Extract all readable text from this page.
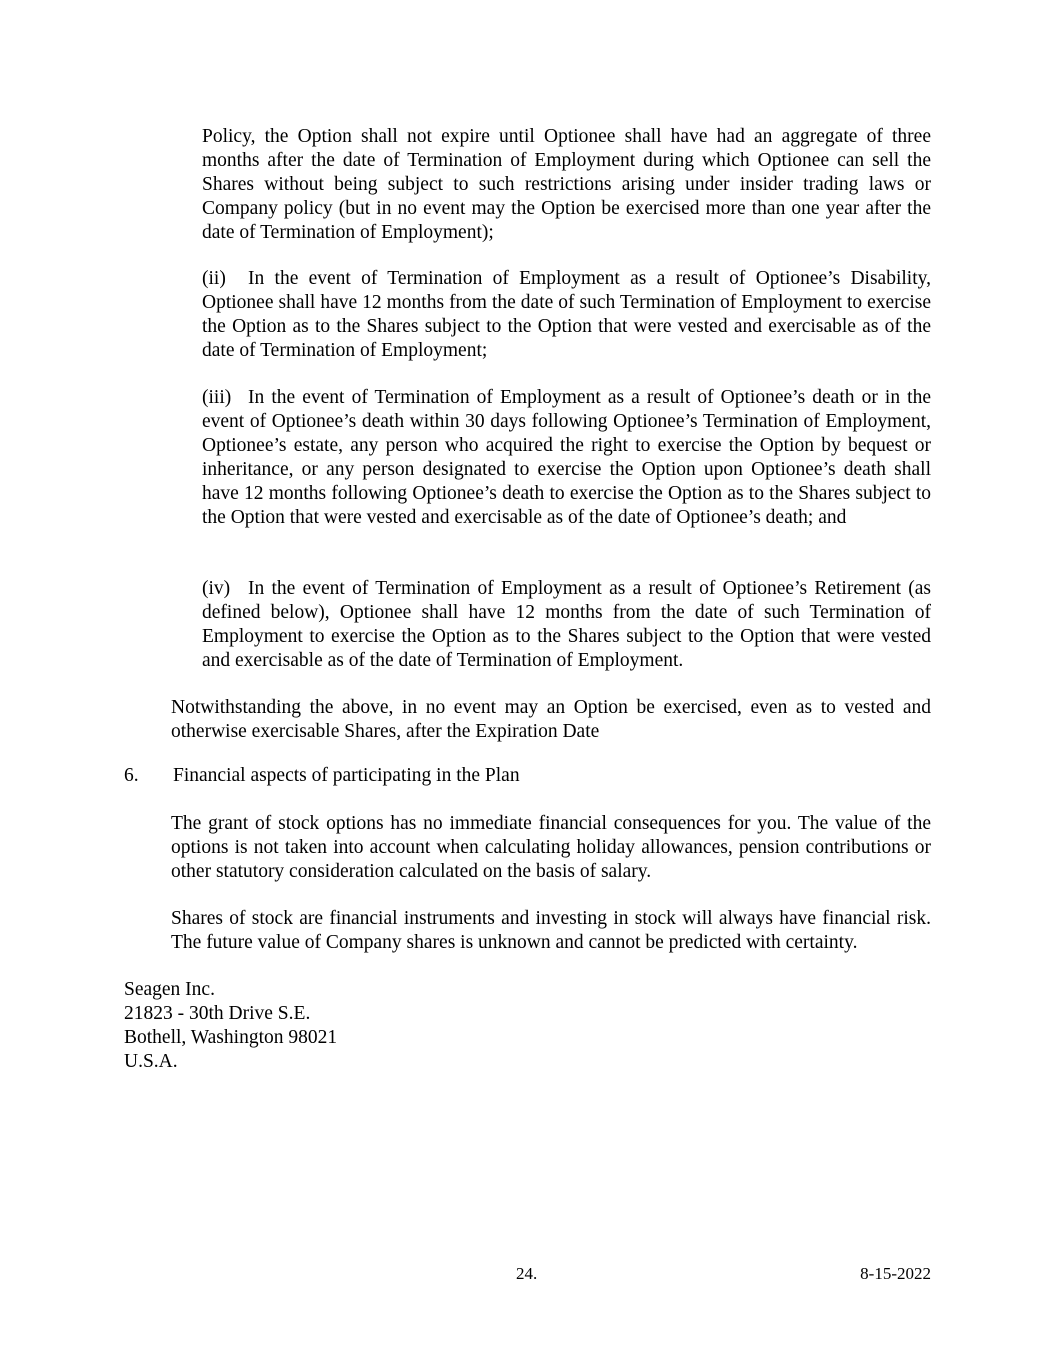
Policy, the Option shall not expire until Optionee shall have had an aggregate of three months after the date of Termination of Employment during which Optionee can sell the Shares without being subject to such restrictions arising under insider trading laws or Company policy (but in no event may the Option be exercised more than one year after the date of Termination of Employment);

(ii) In the event of Termination of Employment as a result of Optionee’s Disability, Optionee shall have 12 months from the date of such Termination of Employment to exercise the Option as to the Shares subject to the Option that were vested and exercisable as of the date of Termination of Employment;

(iii) In the event of Termination of Employment as a result of Optionee’s death or in the event of Optionee’s death within 30 days following Optionee’s Termination of Employment, Optionee’s estate, any person who acquired the right to exercise the Option by bequest or inheritance, or any person designated to exercise the Option upon Optionee’s death shall have 12 months following Optionee’s death to exercise the Option as to the Shares subject to the Option that were vested and exercisable as of the date of Optionee’s death; and

(iv) In the event of Termination of Employment as a result of Optionee’s Retirement (as defined below), Optionee shall have 12 months from the date of such Termination of Employment to exercise the Option as to the Shares subject to the Option that were vested and exercisable as of the date of Termination of Employment.

Notwithstanding the above, in no event may an Option be exercised, even as to vested and otherwise exercisable Shares, after the Expiration Date

6. Financial aspects of participating in the Plan

The grant of stock options has no immediate financial consequences for you. The value of the options is not taken into account when calculating holiday allowances, pension contributions or other statutory consideration calculated on the basis of salary.

Shares of stock are financial instruments and investing in stock will always have financial risk. The future value of Company shares is unknown and cannot be predicted with certainty.

Seagen Inc.
21823 - 30th Drive S.E.
Bothell, Washington 98021
U.S.A.
24.	8-15-2022
